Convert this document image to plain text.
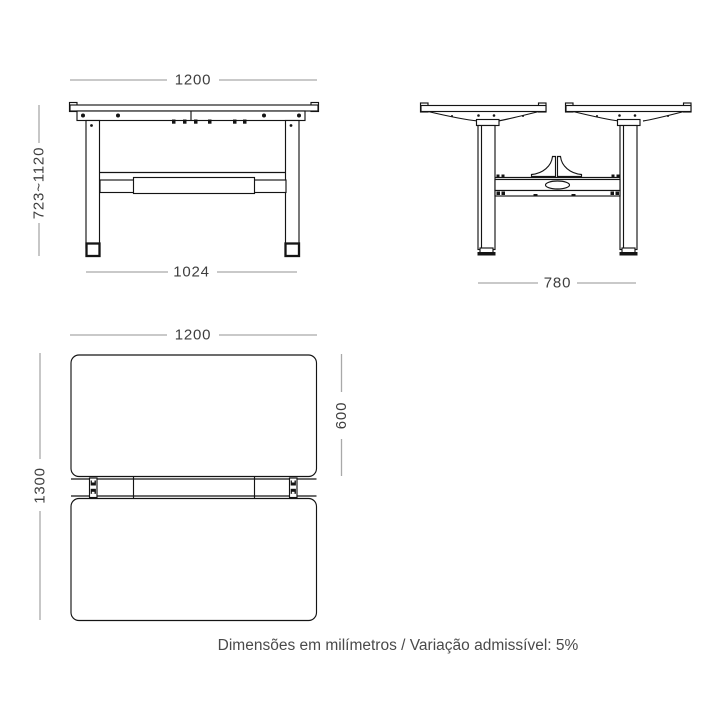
1200
1024
723~1120
780
1200
600
1300
Dimensões em milímetros / Variação admissível: 5%
